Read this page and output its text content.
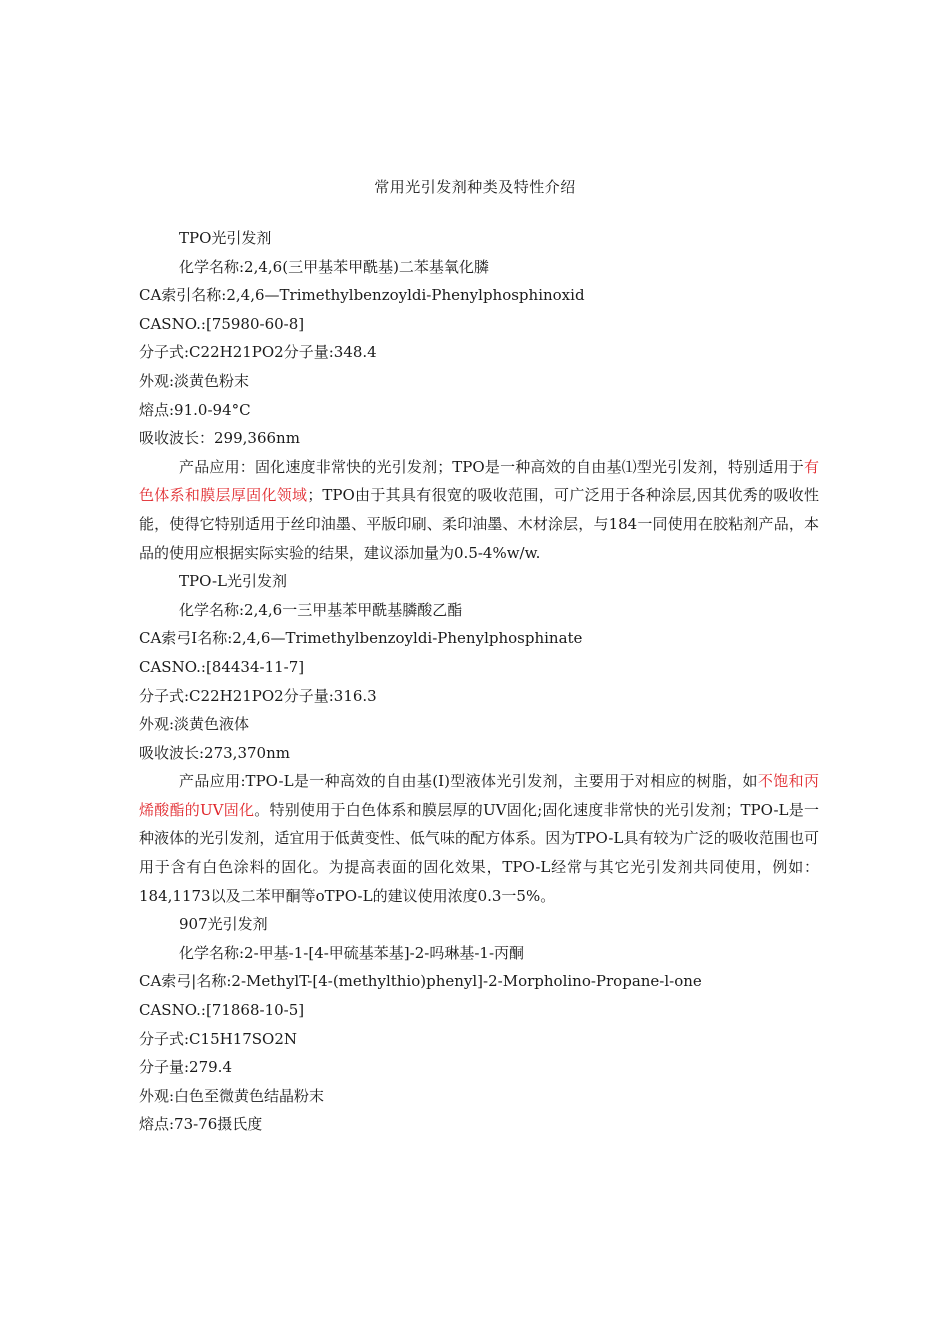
常用光引发剂种类及特性介绍
TPO光引发剂
化学名称:2,4,6(三甲基苯甲酰基)二苯基氧化膦
CA索引名称:2,4,6—Trimethylbenzoyldi-Phenylphosphinoxid
CASNO.:[75980-60-8]
分子式:C22H21PO2分子量:348.4
外观:淡黄色粉末
熔点:91.0-94°C
吸收波长：299,366nm
产品应用：固化速度非常快的光引发剂；TPO是一种高效的自由基⑴型光引发剂，特别适用于有色体系和膜层厚固化领域；TPO由于其具有很宽的吸收范围，可广泛用于各种涂层,因其优秀的吸收性能，使得它特别适用于丝印油墨、平版印刷、柔印油墨、木材涂层，与184一同使用在胶粘剂产品，本品的使用应根据实际实验的结果，建议添加量为0.5-4%w/w.
TPO-L光引发剂
化学名称:2,4,6一三甲基苯甲酰基膦酸乙酯
CA索弓I名称:2,4,6—Trimethylbenzoyldi-Phenylphosphinate
CASNO.:[84434-11-7]
分子式:C22H21PO2分子量:316.3
外观:淡黄色液体
吸收波长:273,370nm
产品应用:TPO-L是一种高效的自由基(I)型液体光引发剂，主要用于对相应的树脂，如不饱和丙烯酸酯的UV固化。特别使用于白色体系和膜层厚的UV固化;固化速度非常快的光引发剂；TPO-L是一种液体的光引发剂，适宜用于低黄变性、低气味的配方体系。因为TPO-L具有较为广泛的吸收范围也可用于含有白色涂料的固化。为提高表面的固化效果，TPO-L经常与其它光引发剂共同使用，例如：184,1173以及二苯甲酮等oTPO-L的建议使用浓度0.3一5%。
907光引发剂
化学名称:2-甲基-1-[4-甲硫基苯基]-2-吗琳基-1-丙酮
CA索弓|名称:2-MethylT-[4-(methylthio)phenyl]-2-Morpholino-Propane-l-one
CASNO.:[71868-10-5]
分子式:C15H17SO2N
分子量:279.4
外观:白色至微黄色结晶粉末
熔点:73-76摄氏度
